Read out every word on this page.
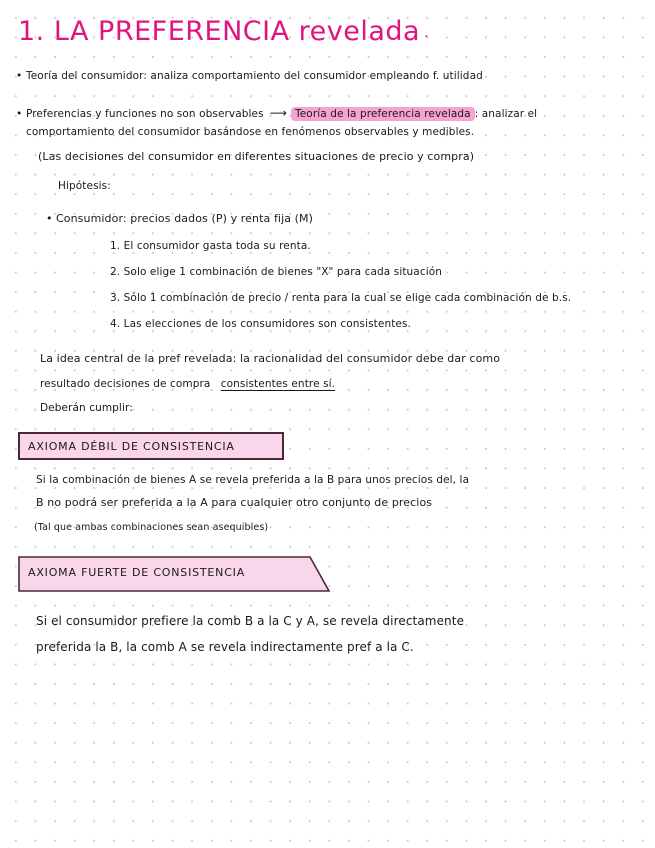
1. LA PREFERENCIA revelada .
• Teoría del consumidor: analiza comportamiento del consumidor empleando f. utilidad
• Preferencias y funciones no son observables ⟶ Teoría de la preferencia revelada : analizar el
comportamiento del consumidor basándose en fenómenos observables y medibles.
(Las decisiones del consumidor en diferentes situaciones de precio y compra)
Hipótesis:
• Consumidor: precios dados (P) y renta fija (M)
1. El consumidor gasta toda su renta.
2. Solo elige 1 combinación de bienes "X" para cada situación
3. Sólo 1 combinación de precio / renta para la cual se elige cada combinación de b.s.
4. Las elecciones de los consumidores son consistentes.
La idea central de la pref revelada: la racionalidad del consumidor debe dar como
resultado decisiones de compra consistentes entre sí.
Deberán cumplir:
AXIOMA DÉBIL DE CONSISTENCIA
Si la combinación de bienes A se revela preferida a la B para unos precios del, la
B no podrá ser preferida a la A para cualquier otro conjunto de precios
(Tal que ambas combinaciones sean asequibles)
AXIOMA FUERTE DE CONSISTENCIA
Si el consumidor prefiere la comb B a la C y A, se revela directamente
preferida la B, la comb A se revela indirectamente pref a la C.
